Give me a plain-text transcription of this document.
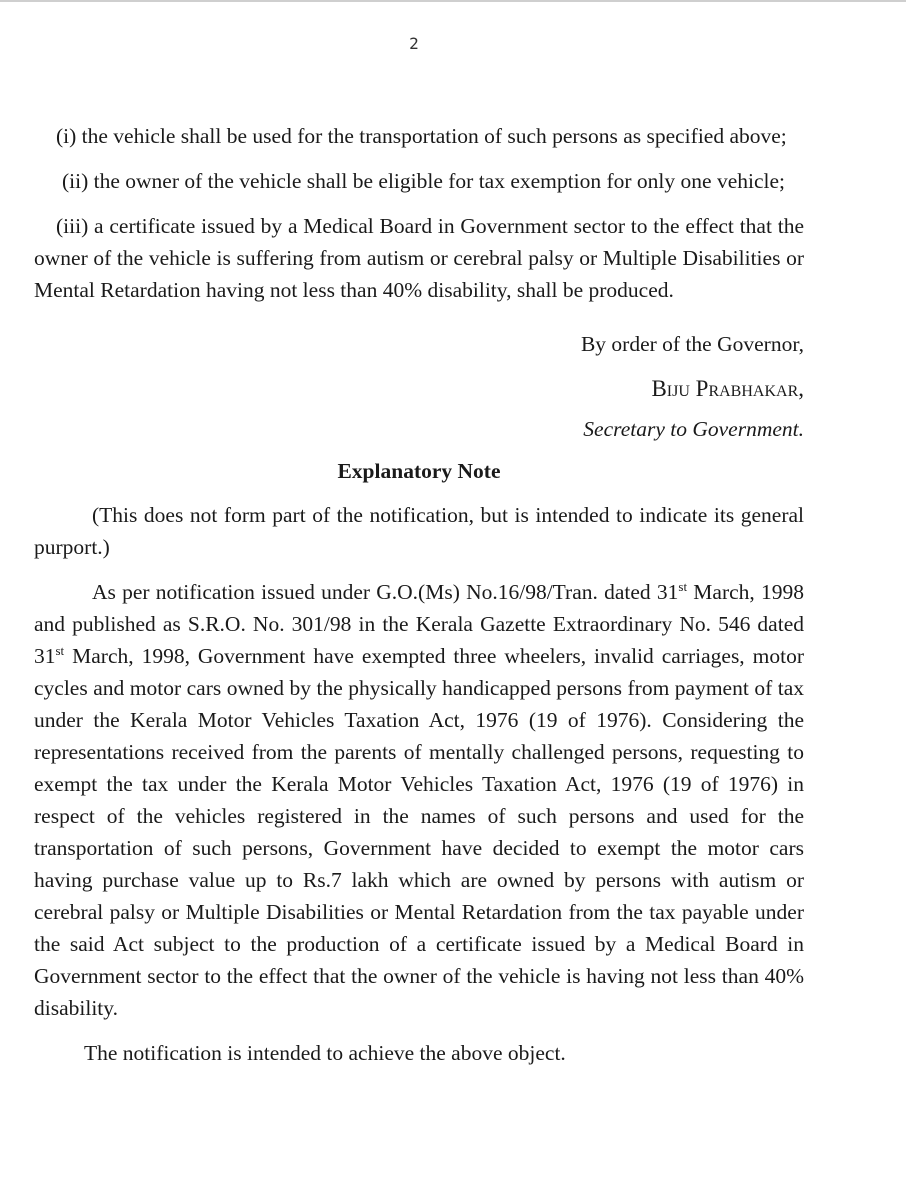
2

(i) the vehicle shall be used for the transportation of such persons as specified above;

(ii) the owner of the vehicle shall be eligible for tax exemption for only one vehicle;

(iii) a certificate issued by a Medical Board in Government sector to the effect that the owner of the vehicle is suffering from autism or cerebral palsy or Multiple Disabilities or Mental Retardation having not less than 40% disability, shall be produced.

By order of the Governor,

Biju Prabhakar,

Secretary to Government.

Explanatory Note

(This does not form part of the notification, but is intended to indicate its general purport.)

As per notification issued under G.O.(Ms) No.16/98/Tran. dated 31st March, 1998 and published as S.R.O. No. 301/98 in the Kerala Gazette Extraordinary No. 546 dated 31st March, 1998, Government have exempted three wheelers, invalid carriages, motor cycles and motor cars owned by the physically handicapped persons from payment of tax under the Kerala Motor Vehicles Taxation Act, 1976 (19 of 1976). Considering the representations received from the parents of mentally challenged persons, requesting to exempt the tax under the Kerala Motor Vehicles Taxation Act, 1976 (19 of 1976) in respect of the vehicles registered in the names of such persons and used for the transportation of such persons, Government have decided to exempt the motor cars having purchase value up to Rs.7 lakh which are owned by persons with autism or cerebral palsy or Multiple Disabilities or Mental Retardation from the tax payable under the said Act subject to the production of a certificate issued by a Medical Board in Government sector to the effect that the owner of the vehicle is having not less than 40% disability.

The notification is intended to achieve the above object.
